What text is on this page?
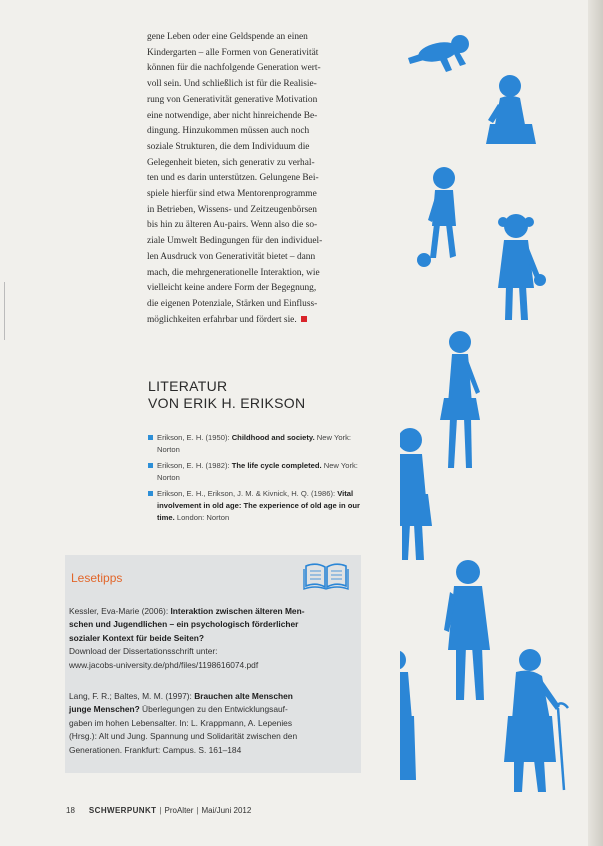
gene Leben oder eine Geldspende an einen
Kindergarten – alle Formen von Generativität
können für die nachfolgende Generation wert-
voll sein. Und schließlich ist für die Realisie-
rung von Generativität generative Motivation
eine notwendige, aber nicht hinreichende Be-
dingung. Hinzukommen müssen auch noch
soziale Strukturen, die dem Individuum die
Gelegenheit bieten, sich generativ zu verhal-
ten und es darin unterstützen. Gelungene Bei-
spiele hierfür sind etwa Mentorenprogramme
in Betrieben, Wissens- und Zeitzeugenbörsen
bis hin zu älteren Au-pairs. Wenn also die so-
ziale Umwelt Bedingungen für den individuel-
len Ausdruck von Generativität bietet – dann
mach, die mehrgenerationelle Interaktion, wie
vielleicht keine andere Form der Begegnung,
die eigenen Potenziale, Stärken und Einfluss-
möglichkeiten erfahrbar und fördert sie.
LITERATUR
VON ERIK H. ERIKSON
Erikson, E. H. (1950): Childhood and society. New York: Norton
Erikson, E. H. (1982): The life cycle completed. New York: Norton
Erikson, E. H., Erikson, J. M. & Kivnick, H. Q. (1986): Vital involvement in old age: The experience of old age in our time. London: Norton
Lesetipps
Kessler, Eva-Marie (2006): Interaktion zwischen älteren Men-
schen und Jugendlichen – ein psychologisch förderlicher
sozialer Kontext für beide Seiten?
Download der Dissertationsschrift unter:
www.jacobs-university.de/phd/files/1198616074.pdf
Lang, F. R.; Baltes, M. M. (1997): Brauchen alte Menschen
junge Menschen? Überlegungen zu den Entwicklungsauf-
gaben im hohen Lebensalter. In: L. Krappmann, A. Lepenies
(Hrsg.): Alt und Jung. Spannung und Solidarität zwischen den
Generationen. Frankfurt: Campus. S. 161–184
18 SCHWERPUNKT | ProAlter | Mai/Juni 2012
